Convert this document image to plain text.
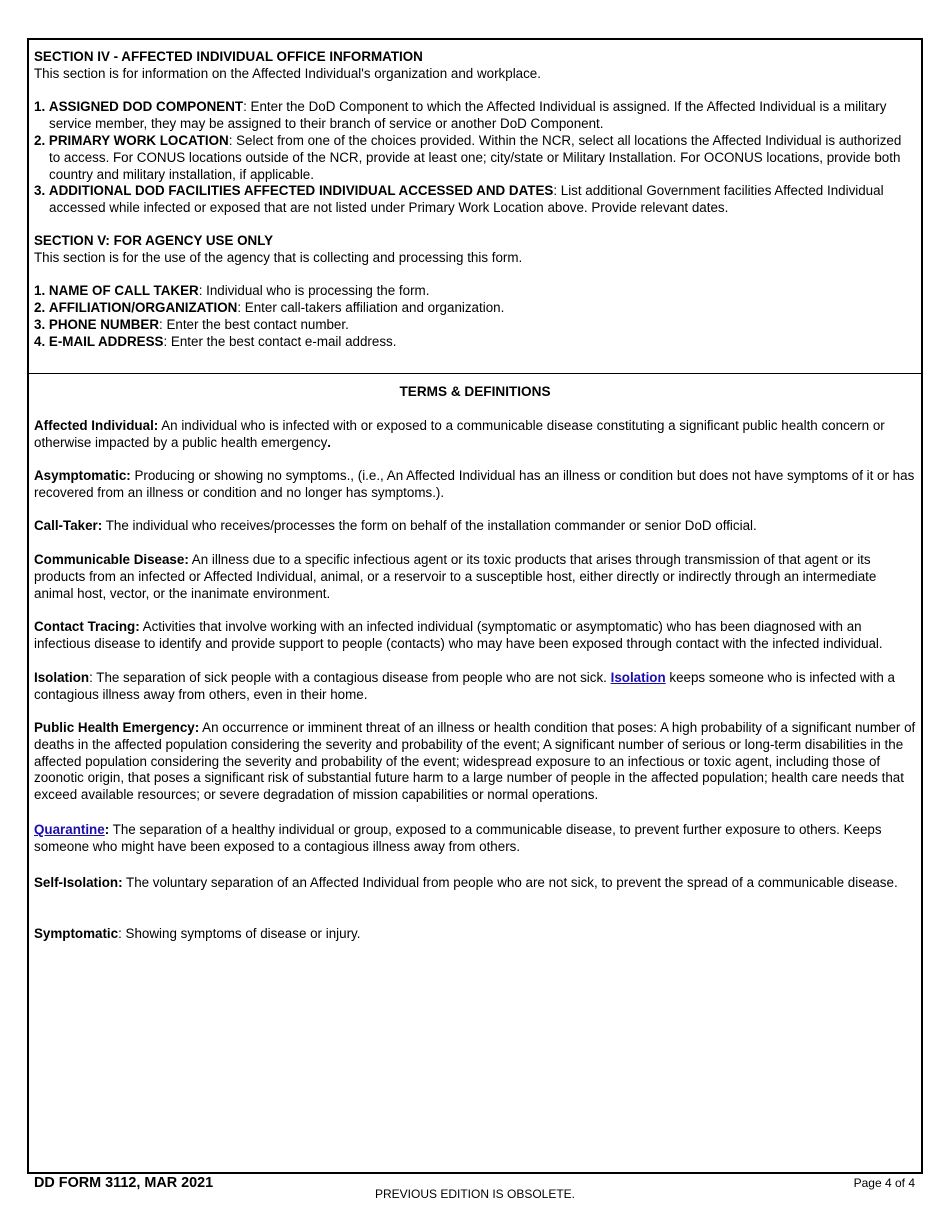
SECTION IV - AFFECTED INDIVIDUAL OFFICE INFORMATION
This section is for information on the Affected Individual's organization and workplace.
1. ASSIGNED DOD COMPONENT: Enter the DoD Component to which the Affected Individual is assigned. If the Affected Individual is a military service member, they may be assigned to their branch of service or another DoD Component.
2. PRIMARY WORK LOCATION: Select from one of the choices provided. Within the NCR, select all locations the Affected Individual is authorized to access. For CONUS locations outside of the NCR, provide at least one; city/state or Military Installation. For OCONUS locations, provide both country and military installation, if applicable.
3. ADDITIONAL DOD FACILITIES AFFECTED INDIVIDUAL ACCESSED AND DATES: List additional Government facilities Affected Individual accessed while infected or exposed that are not listed under Primary Work Location above. Provide relevant dates.
SECTION V: FOR AGENCY USE ONLY
This section is for the use of the agency that is collecting and processing this form.
1. NAME OF CALL TAKER: Individual who is processing the form.
2. AFFILIATION/ORGANIZATION: Enter call-takers affiliation and organization.
3. PHONE NUMBER: Enter the best contact number.
4. E-MAIL ADDRESS: Enter the best contact e-mail address.
TERMS & DEFINITIONS
Affected Individual: An individual who is infected with or exposed to a communicable disease constituting a significant public health concern or otherwise impacted by a public health emergency.
Asymptomatic: Producing or showing no symptoms., (i.e., An Affected Individual has an illness or condition but does not have symptoms of it or has recovered from an illness or condition and no longer has symptoms.).
Call-Taker: The individual who receives/processes the form on behalf of the installation commander or senior DoD official.
Communicable Disease: An illness due to a specific infectious agent or its toxic products that arises through transmission of that agent or its products from an infected or Affected Individual, animal, or a reservoir to a susceptible host, either directly or indirectly through an intermediate animal host, vector, or the inanimate environment.
Contact Tracing: Activities that involve working with an infected individual (symptomatic or asymptomatic) who has been diagnosed with an infectious disease to identify and provide support to people (contacts) who may have been exposed through contact with the infected individual.
Isolation: The separation of sick people with a contagious disease from people who are not sick. Isolation keeps someone who is infected with a contagious illness away from others, even in their home.
Public Health Emergency: An occurrence or imminent threat of an illness or health condition that poses: A high probability of a significant number of deaths in the affected population considering the severity and probability of the event; A significant number of serious or long-term disabilities in the affected population considering the severity and probability of the event; widespread exposure to an infectious or toxic agent, including those of zoonotic origin, that poses a significant risk of substantial future harm to a large number of people in the affected population; health care needs that exceed available resources; or severe degradation of mission capabilities or normal operations.
Quarantine: The separation of a healthy individual or group, exposed to a communicable disease, to prevent further exposure to others. Keeps someone who might have been exposed to a contagious illness away from others.
Self-Isolation: The voluntary separation of an Affected Individual from people who are not sick, to prevent the spread of a communicable disease.
Symptomatic: Showing symptoms of disease or injury.
DD FORM 3112, MAR 2021
PREVIOUS EDITION IS OBSOLETE.
Page 4 of 4
